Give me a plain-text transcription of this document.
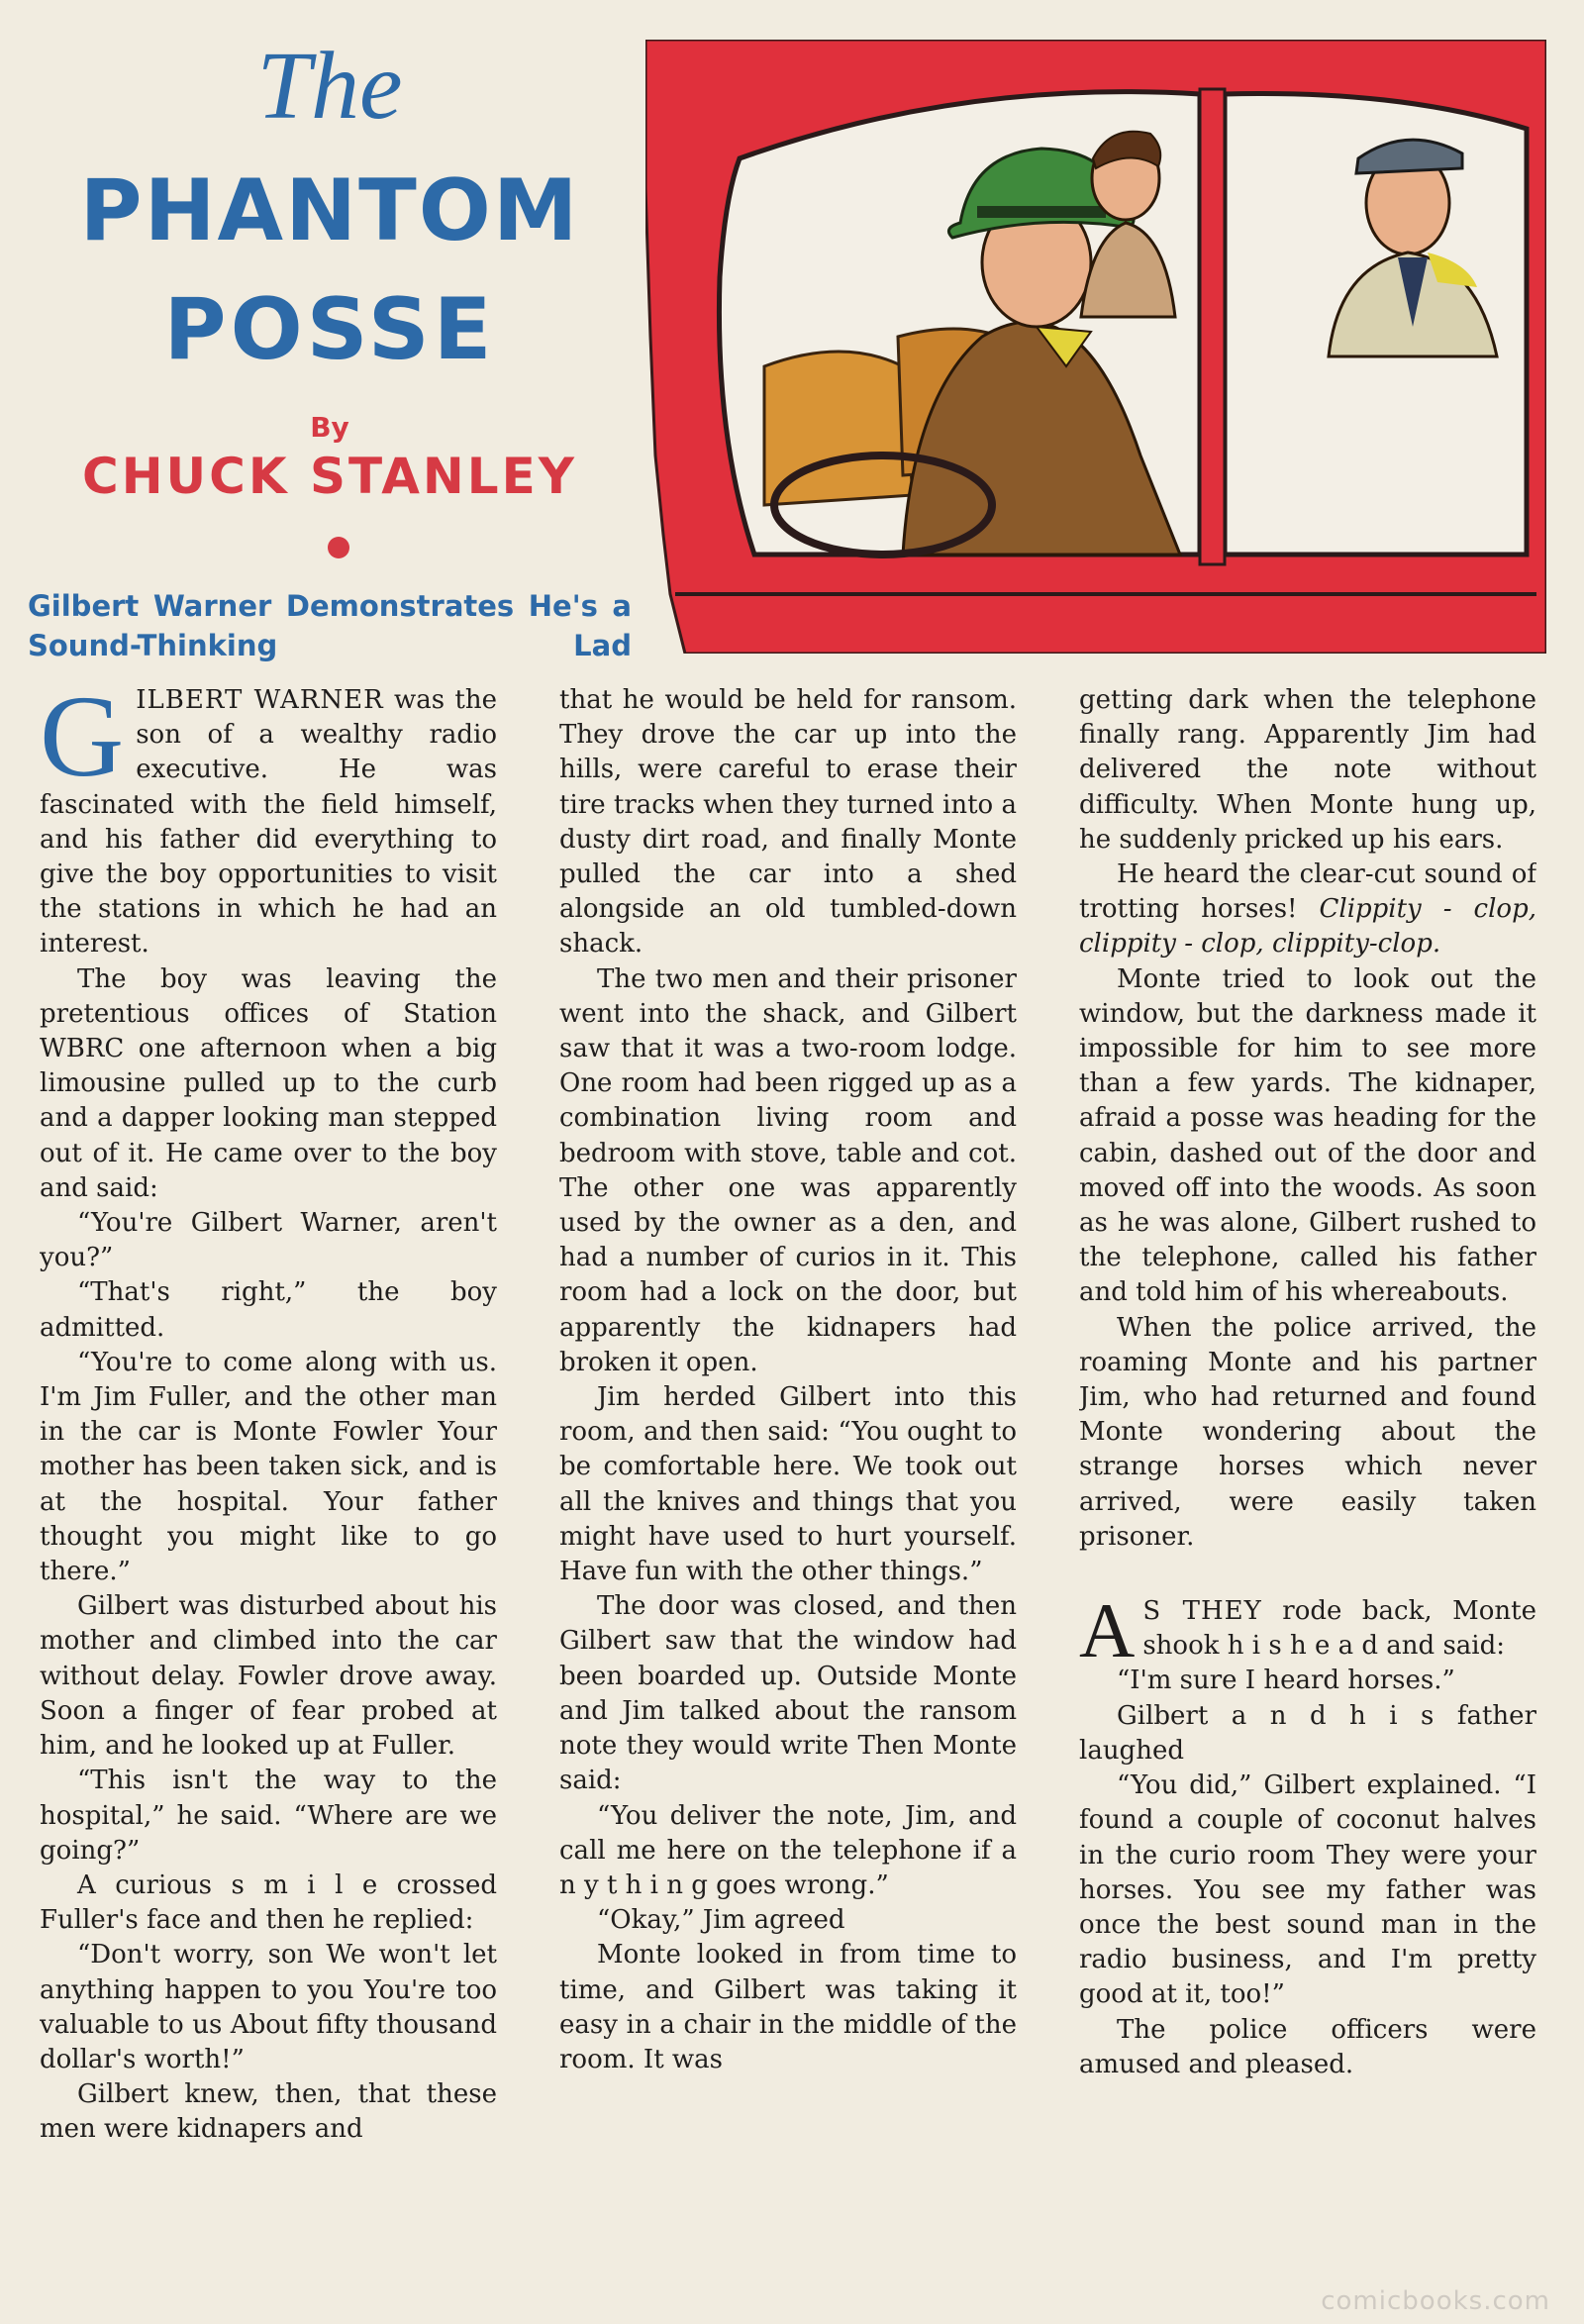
The
PHANTOM
POSSE
By
CHUCK STANLEY
Gilbert Warner Demonstrates He's a Sound-Thinking Lad

GILBERT WARNER was the son of a wealthy radio executive. He was fascinated with the field himself, and his father did everything to give the boy opportunities to visit the stations in which he had an interest.

The boy was leaving the pretentious offices of Station WBRC one afternoon when a big limousine pulled up to the curb and a dapper looking man stepped out of it. He came over to the boy and said:

“You're Gilbert Warner, aren't you?”

“That's right,” the boy admitted.

“You're to come along with us. I'm Jim Fuller, and the other man in the car is Monte Fowler Your mother has been taken sick, and is at the hospital. Your father thought you might like to go there.”

Gilbert was disturbed about his mother and climbed into the car without delay. Fowler drove away. Soon a finger of fear probed at him, and he looked up at Fuller.

“This isn't the way to the hospital,” he said. “Where are we going?”

A curious s m i l e crossed Fuller's face and then he replied:

“Don't worry, son We won't let anything happen to you You're too valuable to us About fifty thousand dollar's worth!”

Gilbert knew, then, that these men were kidnapers and

that he would be held for ransom. They drove the car up into the hills, were careful to erase their tire tracks when they turned into a dusty dirt road, and finally Monte pulled the car into a shed alongside an old tumbled-down shack.

The two men and their prisoner went into the shack, and Gilbert saw that it was a two-room lodge. One room had been rigged up as a combination living room and bedroom with stove, table and cot. The other one was apparently used by the owner as a den, and had a number of curios in it. This room had a lock on the door, but apparently the kidnapers had broken it open.

Jim herded Gilbert into this room, and then said: “You ought to be comfortable here. We took out all the knives and things that you might have used to hurt yourself. Have fun with the other things.”

The door was closed, and then Gilbert saw that the window had been boarded up. Outside Monte and Jim talked about the ransom note they would write Then Monte said:

“You deliver the note, Jim, and call me here on the telephone if a n y t h i n g goes wrong.”

“Okay,” Jim agreed

Monte looked in from time to time, and Gilbert was taking it easy in a chair in the middle of the room. It was

getting dark when the telephone finally rang. Apparently Jim had delivered the note without difficulty. When Monte hung up, he suddenly pricked up his ears.

He heard the clear-cut sound of trotting horses! Clippity - clop, clippity - clop, clippity-clop.

Monte tried to look out the window, but the darkness made it impossible for him to see more than a few yards. The kidnaper, afraid a posse was heading for the cabin, dashed out of the door and moved off into the woods. As soon as he was alone, Gilbert rushed to the telephone, called his father and told him of his whereabouts.

When the police arrived, the roaming Monte and his partner Jim, who had returned and found Monte wondering about the strange horses which never arrived, were easily taken prisoner.

A S THEY rode back, Monte shook h i s h e a d and said:

“I'm sure I heard horses.”

Gilbert a n d h i s father laughed

“You did,” Gilbert explained. “I found a couple of coconut halves in the curio room They were your horses. You see my father was once the best sound man in the radio business, and I'm pretty good at it, too!”

The police officers were amused and pleased.

comicbooks.com
